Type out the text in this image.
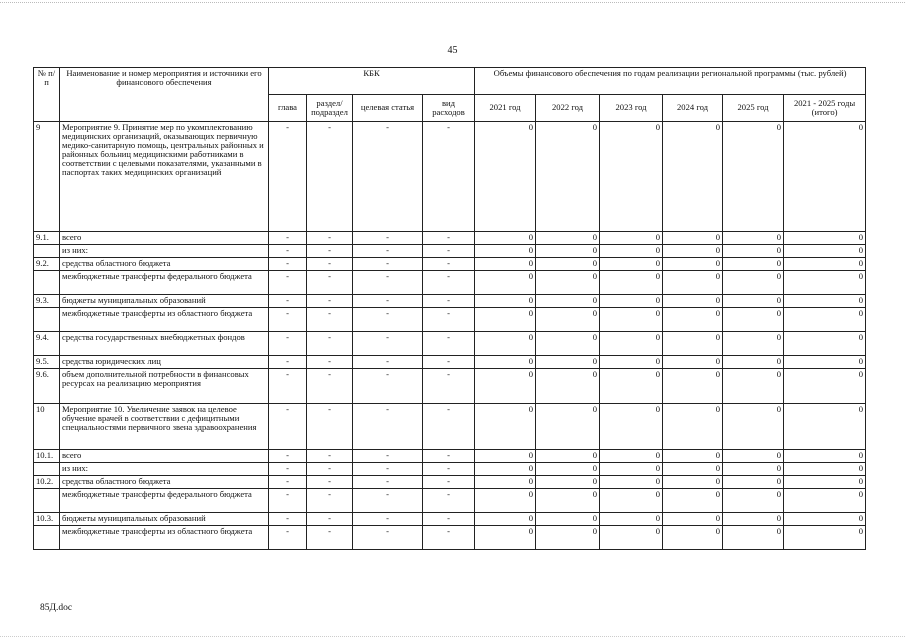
45
№ п/п	Наименование и номер мероприятия и источники его финансового обеспечения	КБК				Объемы финансового обеспечения по годам реализации региональной программы (тыс. рублей)					
		глава	раздел/ подраздел	целевая статья	вид расходов	2021 год	2022 год	2023 год	2024 год	2025 год	2021 - 2025 годы (итого)
9	Мероприятие 9. Принятие мер по укомплектованию медицинских организаций, оказывающих первичную медико-санитарную помощь, центральных районных и районных больниц медицинскими работниками в соответствии с целевыми показателями, указанными в паспортах таких медицинских организаций	-	-	-	-	0	0	0	0	0	0
9.1.	всего	-	-	-	-	0	0	0	0	0	0
	из них:	-	-	-	-	0	0	0	0	0	0
9.2.	средства областного бюджета	-	-	-	-	0	0	0	0	0	0
	межбюджетные трансферты федерального бюджета	-	-	-	-	0	0	0	0	0	0
9.3.	бюджеты муниципальных образований	-	-	-	-	0	0	0	0	0	0
	межбюджетные трансферты из областного бюджета	-	-	-	-	0	0	0	0	0	0
9.4.	средства государственных внебюджетных фондов	-	-	-	-	0	0	0	0	0	0
9.5.	средства юридических лиц	-	-	-	-	0	0	0	0	0	0
9.6.	объем дополнительной потребности в финансовых ресурсах на реализацию мероприятия	-	-	-	-	0	0	0	0	0	0
10	Мероприятие 10. Увеличение заявок на целевое обучение врачей в соответствии с дефицитными специальностями первичного звена здравоохранения	-	-	-	-	0	0	0	0	0	0
10.1.	всего	-	-	-	-	0	0	0	0	0	0
	из них:	-	-	-	-	0	0	0	0	0	0
10.2.	средства областного бюджета	-	-	-	-	0	0	0	0	0	0
	межбюджетные трансферты федерального бюджета	-	-	-	-	0	0	0	0	0	0
10.3.	бюджеты муниципальных образований	-	-	-	-	0	0	0	0	0	0
	межбюджетные трансферты из областного бюджета	-	-	-	-	0	0	0	0	0	0
85Д.doc
